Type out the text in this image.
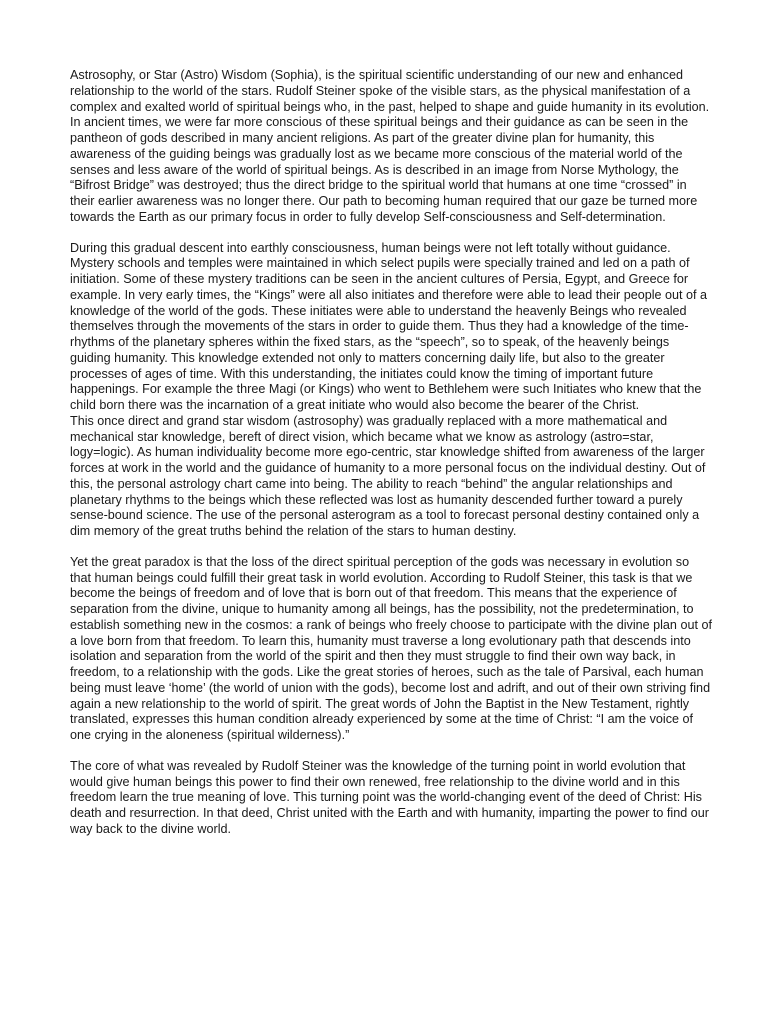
Astrosophy, or Star (Astro) Wisdom (Sophia), is the spiritual scientific understanding of our new and enhanced relationship to the world of the stars. Rudolf Steiner spoke of the visible stars, as the physical manifestation of a complex and exalted world of spiritual beings who, in the past, helped to shape and guide humanity in its evolution. In ancient times, we were far more conscious of these spiritual beings and their guidance as can be seen in the pantheon of gods described in many ancient religions. As part of the greater divine plan for humanity, this awareness of the guiding beings was gradually lost as we became more conscious of the material world of the senses and less aware of the world of spiritual beings. As is described in an image from Norse Mythology, the “Bifrost Bridge” was destroyed; thus the direct bridge to the spiritual world that humans at one time “crossed” in their earlier awareness was no longer there. Our path to becoming human required that our gaze be turned more towards the Earth as our primary focus in order to fully develop Self-consciousness and Self-determination.

During this gradual descent into earthly consciousness, human beings were not left totally without guidance. Mystery schools and temples were maintained in which select pupils were specially trained and led on a path of initiation. Some of these mystery traditions can be seen in the ancient cultures of Persia, Egypt, and Greece for example. In very early times, the “Kings” were all also initiates and therefore were able to lead their people out of a knowledge of the world of the gods. These initiates were able to understand the heavenly Beings who revealed themselves through the movements of the stars in order to guide them. Thus they had a knowledge of the time-rhythms of the planetary spheres within the fixed stars, as the “speech”, so to speak, of the heavenly beings guiding humanity. This knowledge extended not only to matters concerning daily life, but also to the greater processes of ages of time. With this understanding, the initiates could know the timing of important future happenings. For example the three Magi (or Kings) who went to Bethlehem were such Initiates who knew that the child born there was the incarnation of a great initiate who would also become the bearer of the Christ.

This once direct and grand star wisdom (astrosophy) was gradually replaced with a more mathematical and mechanical star knowledge, bereft of direct vision, which became what we know as astrology (astro=star, logy=logic). As human individuality become more ego-centric, star knowledge shifted from awareness of the larger forces at work in the world and the guidance of humanity to a more personal focus on the individual destiny. Out of this, the personal astrology chart came into being. The ability to reach “behind” the angular relationships and planetary rhythms to the beings which these reflected was lost as humanity descended further toward a purely sense-bound science. The use of the personal asterogram as a tool to forecast personal destiny contained only a dim memory of the great truths behind the relation of the stars to human destiny.

Yet the great paradox is that the loss of the direct spiritual perception of the gods was necessary in evolution so that human beings could fulfill their great task in world evolution. According to Rudolf Steiner, this task is that we become the beings of freedom and of love that is born out of that freedom. This means that the experience of separation from the divine, unique to humanity among all beings, has the possibility, not the predetermination, to establish something new in the cosmos: a rank of beings who freely choose to participate with the divine plan out of a love born from that freedom. To learn this, humanity must traverse a long evolutionary path that descends into isolation and separation from the world of the spirit and then they must struggle to find their own way back, in freedom, to a relationship with the gods. Like the great stories of heroes, such as the tale of Parsival, each human being must leave ‘home’ (the world of union with the gods), become lost and adrift, and out of their own striving find again a new relationship to the world of spirit. The great words of John the Baptist in the New Testament, rightly translated, expresses this human condition already experienced by some at the time of Christ: “I am the voice of one crying in the aloneness (spiritual wilderness).”

The core of what was revealed by Rudolf Steiner was the knowledge of the turning point in world evolution that would give human beings this power to find their own renewed, free relationship to the divine world and in this freedom learn the true meaning of love. This turning point was the world-changing event of the deed of Christ: His death and resurrection. In that deed, Christ united with the Earth and with humanity, imparting the power to find our way back to the divine world.
